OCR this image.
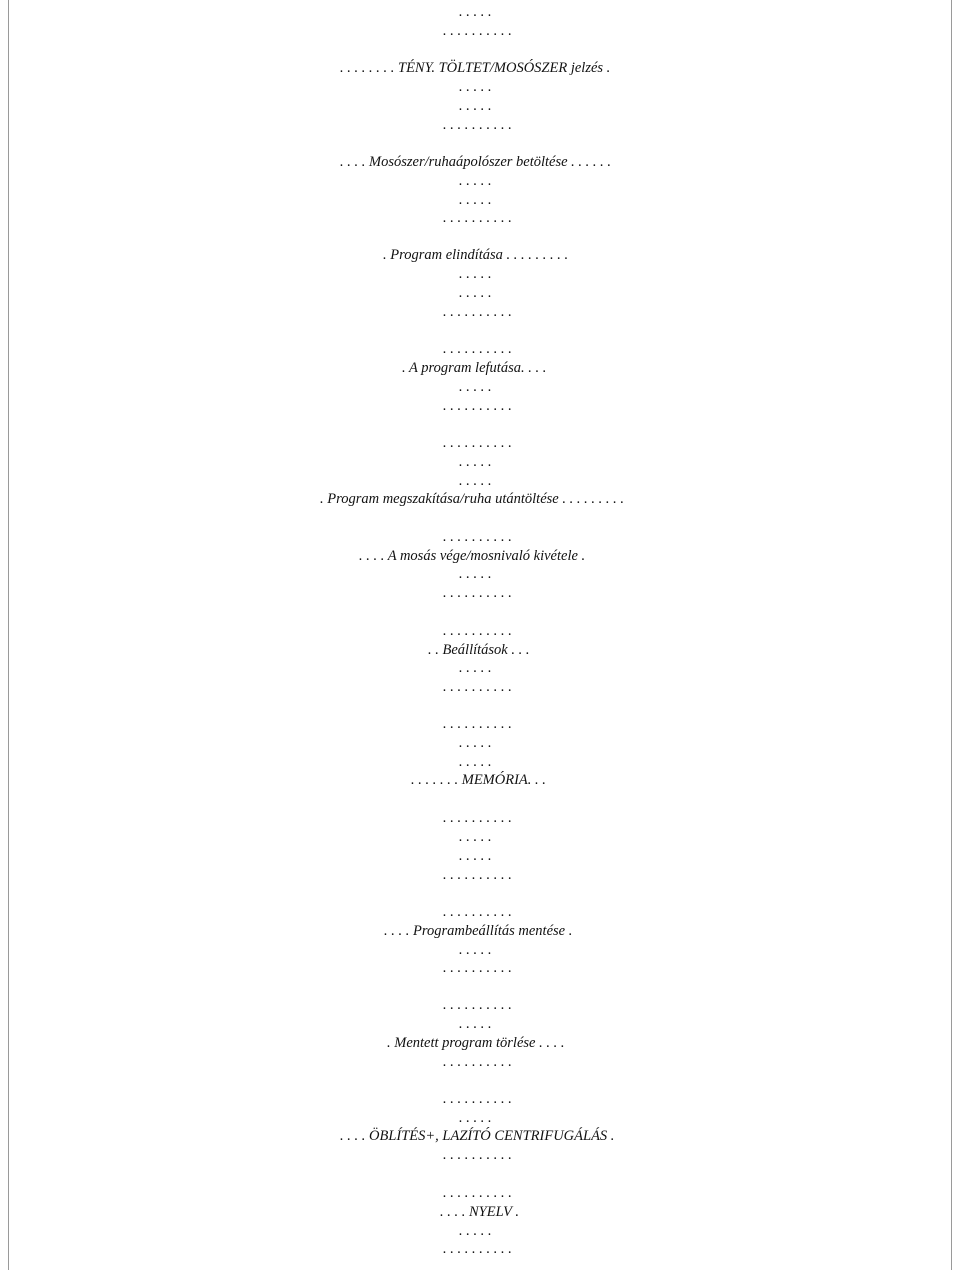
. . . . .
. . . . . . . . . .
. . . . . . . . TÉNY. TÖLTET/MOSÓSZER jelzés .
. . . . .
. . . . .
. . . . . . . . . .
. . . . Mosószer/ruhaápolószer betöltése . . . . . .
. . . . .
. . . . .
. . . . . . . . . .
. Program elindítása . . . . . . . . .
. . . . .
. . . . .
. . . . . . . . . .
. . . . . . . . . .
. A program lefutása. . . .
. . . . .
. . . . . . . . . .
. . . . . . . . . .
. . . . .
. . . . .
. Program megszakítása/ruha utántöltése . . . . . . . . .
. . . . . . . . . .
. . . . A mosás vége/mosnivaló kivétele .
. . . . .
. . . . . . . . . .
. . . . . . . . . .
. . Beállítások . . .
. . . . .
. . . . . . . . . .
. . . . . . . . . .
. . . . .
. . . . .
. . . . . . . MEMÓRIA. . .
. . . . . . . . . .
. . . . .
. . . . .
. . . . . . . . . .
. . . . . . . . . .
. . . . Programbeállítás mentése .
. . . . .
. . . . . . . . . .
. . . . . . . . . .
. . . . .
. Mentett program törlése . . . .
. . . . . . . . . .
. . . . . . . . . .
. . . . .
. . . . ÖBLÍTÉS+, LAZÍTÓ CENTRIFUGÁLÁS .
. . . . . . . . . .
. . . . . . . . . .
. . . . NYELV .
. . . . .
. . . . . . . . . .
